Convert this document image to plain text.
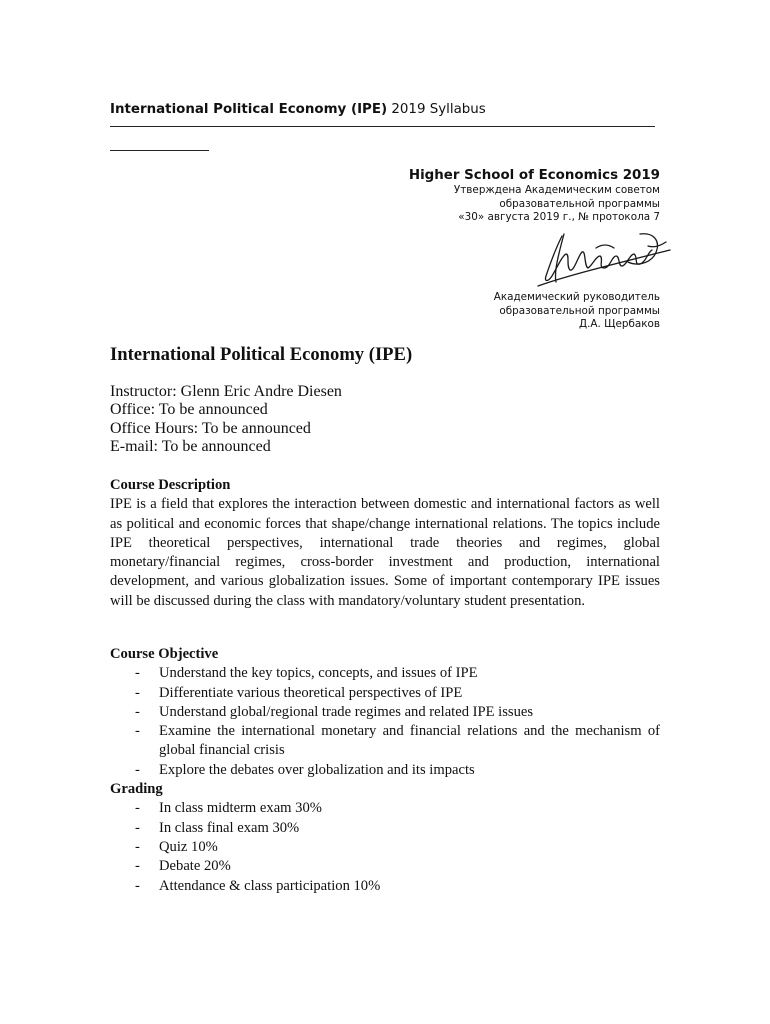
International Political Economy (IPE) 2019 Syllabus
Higher School of Economics 2019
Утверждена Академическим советом
образовательной программы
«30» августа 2019 г., № протокола 7
Академический руководитель
образовательной программы
Д.А. Щербаков
International Political Economy (IPE)
Instructor: Glenn Eric Andre Diesen
Office: To be announced
Office Hours: To be announced
E-mail: To be announced
Course Description

IPE is a field that explores the interaction between domestic and international factors as well as political and economic forces that shape/change international relations. The topics include IPE theoretical perspectives, international trade theories and regimes, global monetary/financial regimes, cross-border investment and production, international development, and various globalization issues. Some of important contemporary IPE issues will be discussed during the class with mandatory/voluntary student presentation.

Course Objective
- Understand the key topics, concepts, and issues of IPE
- Differentiate various theoretical perspectives of IPE
- Understand global/regional trade regimes and related IPE issues
- Examine the international monetary and financial relations and the mechanism of global financial crisis
- Explore the debates over globalization and its impacts
Grading
- In class midterm exam 30%
- In class final exam 30%
- Quiz 10%
- Debate 20%
- Attendance & class participation 10%
